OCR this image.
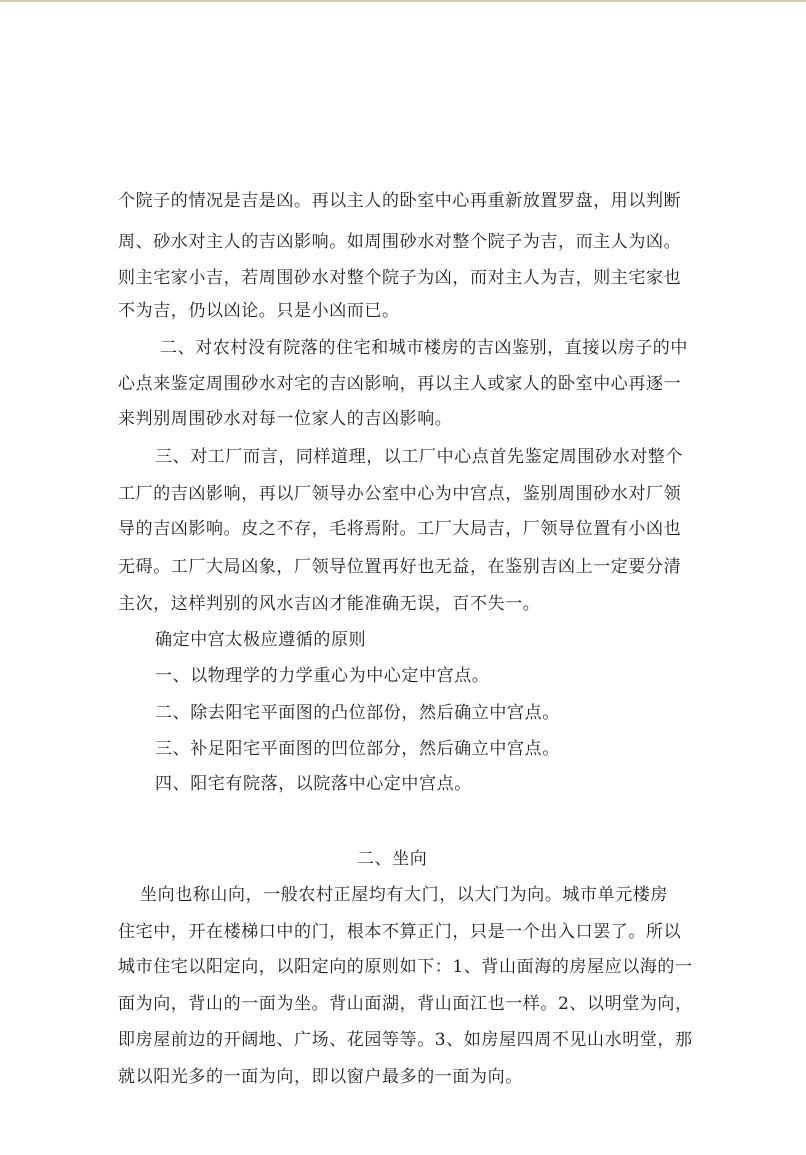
个院子的情况是吉是凶。再以主人的卧室中心再重新放置罗盘，用以判断
周、砂水对主人的吉凶影响。如周围砂水对整个院子为吉，而主人为凶。
则主宅家小吉，若周围砂水对整个院子为凶，而对主人为吉，则主宅家也
不为吉，仍以凶论。只是小凶而已。
二、对农村没有院落的住宅和城市楼房的吉凶鉴别，直接以房子的中
心点来鉴定周围砂水对宅的吉凶影响，再以主人或家人的卧室中心再逐一
来判别周围砂水对每一位家人的吉凶影响。
三、对工厂而言，同样道理，以工厂中心点首先鉴定周围砂水对整个
工厂的吉凶影响，再以厂领导办公室中心为中宫点，鉴别周围砂水对厂领
导的吉凶影响。皮之不存，毛将焉附。工厂大局吉，厂领导位置有小凶也
无碍。工厂大局凶象，厂领导位置再好也无益，在鉴别吉凶上一定要分清
主次，这样判别的风水吉凶才能准确无误，百不失一。
确定中宫太极应遵循的原则
一、以物理学的力学重心为中心定中宫点。
二、除去阳宅平面图的凸位部份，然后确立中宫点。
三、补足阳宅平面图的凹位部分，然后确立中宫点。
四、阳宅有院落，以院落中心定中宫点。
二、坐向
坐向也称山向，一般农村正屋均有大门，以大门为向。城市单元楼房
住宅中，开在楼梯口中的门，根本不算正门，只是一个出入口罢了。所以
城市住宅以阳定向，以阳定向的原则如下：1、背山面海的房屋应以海的一
面为向，背山的一面为坐。背山面湖，背山面江也一样。2、以明堂为向，
即房屋前边的开阔地、广场、花园等等。3、如房屋四周不见山水明堂，那
就以阳光多的一面为向，即以窗户最多的一面为向。
